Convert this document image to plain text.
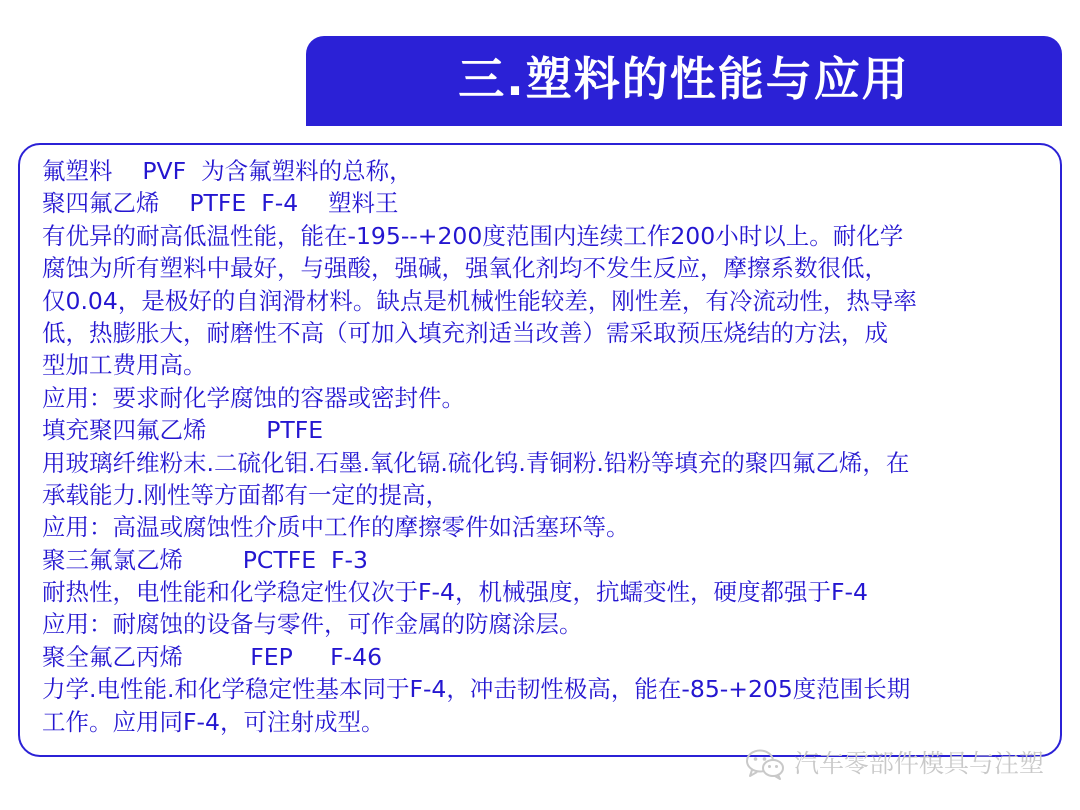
三.塑料的性能与应用
氟塑料    PVF  为含氟塑料的总称，
聚四氟乙烯    PTFE  F-4    塑料王
有优异的耐高低温性能，能在-195--+200度范围内连续工作200小时以上。耐化学
腐蚀为所有塑料中最好，与强酸，强碱，强氧化剂均不发生反应，摩擦系数很低，
仅0.04，是极好的自润滑材料。缺点是机械性能较差，刚性差，有冷流动性，热导率
低，热膨胀大，耐磨性不高（可加入填充剂适当改善）需采取预压烧结的方法，成
型加工费用高。
应用：要求耐化学腐蚀的容器或密封件。
填充聚四氟乙烯        PTFE
用玻璃纤维粉末.二硫化钼.石墨.氧化镉.硫化钨.青铜粉.铅粉等填充的聚四氟乙烯，在
承载能力.刚性等方面都有一定的提高，
应用：高温或腐蚀性介质中工作的摩擦零件如活塞环等。
聚三氟氯乙烯        PCTFE  F-3
耐热性，电性能和化学稳定性仅次于F-4，机械强度，抗蠕变性，硬度都强于F-4
应用：耐腐蚀的设备与零件，可作金属的防腐涂层。
聚全氟乙丙烯         FEP     F-46
力学.电性能.和化学稳定性基本同于F-4，冲击韧性极高，能在-85-+205度范围长期
工作。应用同F-4，可注射成型。
汽车零部件模具与注塑
